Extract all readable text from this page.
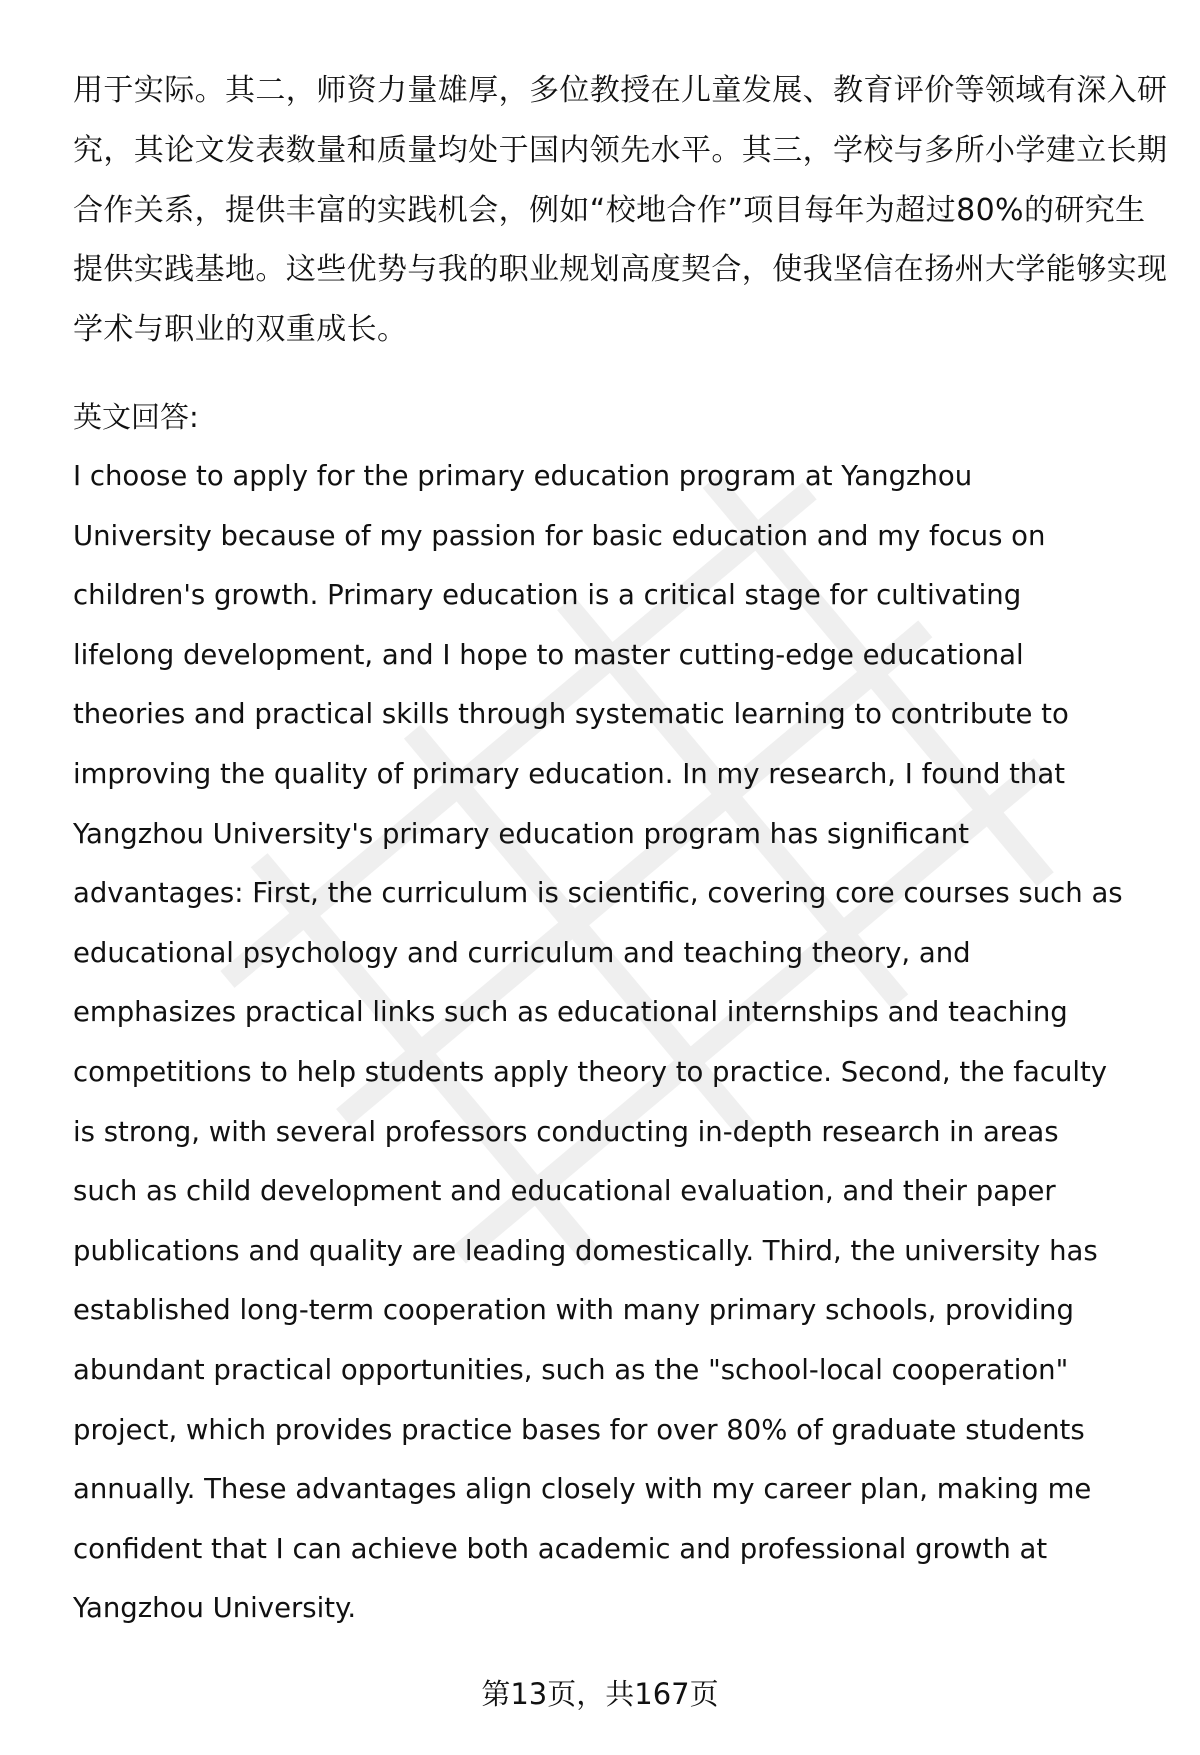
用于实际。其二，师资力量雄厚，多位教授在儿童发展、教育评价等领域有深入研
究，其论文发表数量和质量均处于国内领先水平。其三，学校与多所小学建立长期
合作关系，提供丰富的实践机会，例如“校地合作”项目每年为超过80%的研究生
提供实践基地。这些优势与我的职业规划高度契合，使我坚信在扬州大学能够实现
学术与职业的双重成长。
英文回答:
I choose to apply for the primary education program at Yangzhou
University because of my passion for basic education and my focus on
children's growth. Primary education is a critical stage for cultivating
lifelong development, and I hope to master cutting-edge educational
theories and practical skills through systematic learning to contribute to
improving the quality of primary education. In my research, I found that
Yangzhou University's primary education program has significant
advantages: First, the curriculum is scientific, covering core courses such as
educational psychology and curriculum and teaching theory, and
emphasizes practical links such as educational internships and teaching
competitions to help students apply theory to practice. Second, the faculty
is strong, with several professors conducting in-depth research in areas
such as child development and educational evaluation, and their paper
publications and quality are leading domestically. Third, the university has
established long-term cooperation with many primary schools, providing
abundant practical opportunities, such as the "school-local cooperation"
project, which provides practice bases for over 80% of graduate students
annually. These advantages align closely with my career plan, making me
confident that I can achieve both academic and professional growth at
Yangzhou University.
第13页，共167页
